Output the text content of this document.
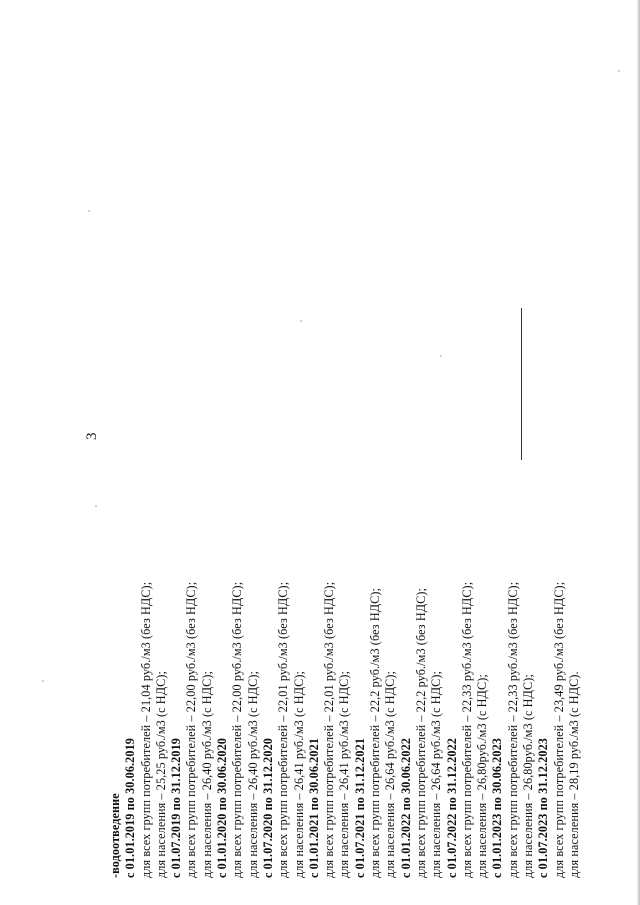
3
-водоотведение с 01.01.2019 по 30.06.2019 для всех групп потребителей – 21,04 руб./м3 (без НДС); для населения – 25,25 руб./м3 (с НДС); с 01.07.2019 по 31.12.2019 для всех групп потребителей – 22,00 руб./м3 (без НДС); для населения – 26,40 руб./м3 (с НДС); с 01.01.2020 по 30.06.2020 для всех групп потребителей – 22,00 руб./м3 (без НДС); для населения – 26,40 руб./м3 (с НДС); с 01.07.2020 по 31.12.2020 для всех групп потребителей – 22,01 руб./м3 (без НДС); для населения – 26,41 руб./м3 (с НДС); с 01.01.2021 по 30.06.2021 для всех групп потребителей – 22,01 руб./м3 (без НДС); для населения – 26,41 руб./м3 (с НДС); с 01.07.2021 по 31.12.2021 для всех групп потребителей – 22,2 руб./м3 (без НДС); для населения – 26,64 руб./м3 (с НДС); с 01.01.2022 по 30.06.2022 для всех групп потребителей – 22,2 руб./м3 (без НДС); для населения – 26,64 руб./м3 (с НДС); с 01.07.2022 по 31.12.2022 для всех групп потребителей – 22,33 руб./м3 (без НДС); для населения – 26,80руб./м3 (с НДС); с 01.01.2023 по 30.06.2023 для всех групп потребителей – 22,33 руб./м3 (без НДС); для населения – 26,80руб./м3 (с НДС); с 01.07.2023 по 31.12.2023 для всех групп потребителей – 23,49 руб./м3 (без НДС); для населения – 28,19 руб./м3 (с НДС).
